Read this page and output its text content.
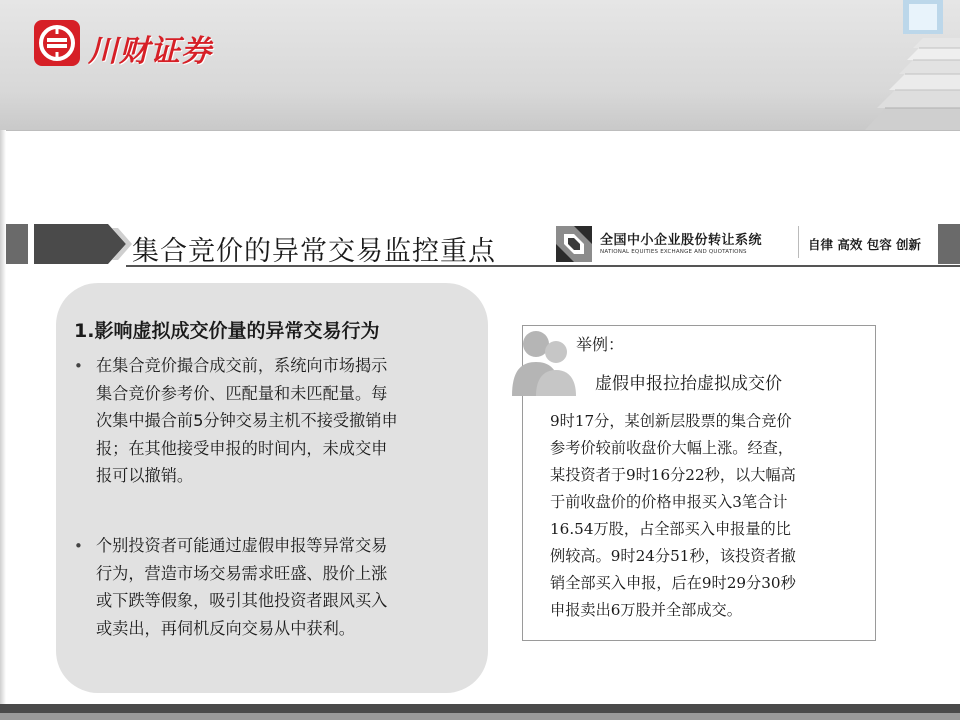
川财证券
集合竞价的异常交易监控重点	全国中小企业股份转让系统
NATIONAL EQUITIES EXCHANGE AND QUOTATIONS	自律 高效 包容 创新
1.影响虚拟成交价量的异常交易行为
• 在集合竞价撮合成交前，系统向市场揭示
集合竞价参考价、匹配量和未匹配量。每
次集中撮合前5分钟交易主机不接受撤销申
报；在其他接受申报的时间内，未成交申
报可以撤销。
• 个别投资者可能通过虚假申报等异常交易
行为，营造市场交易需求旺盛、股价上涨
或下跌等假象，吸引其他投资者跟风买入
或卖出，再伺机反向交易从中获利。
举例：
虚假申报拉抬虚拟成交价
9时17分，某创新层股票的集合竞价
参考价较前收盘价大幅上涨。经查，
某投资者于9时16分22秒，以大幅高
于前收盘价的价格申报买入3笔合计
16.54万股，占全部买入申报量的比
例较高。9时24分51秒，该投资者撤
销全部买入申报，后在9时29分30秒
申报卖出6万股并全部成交。
